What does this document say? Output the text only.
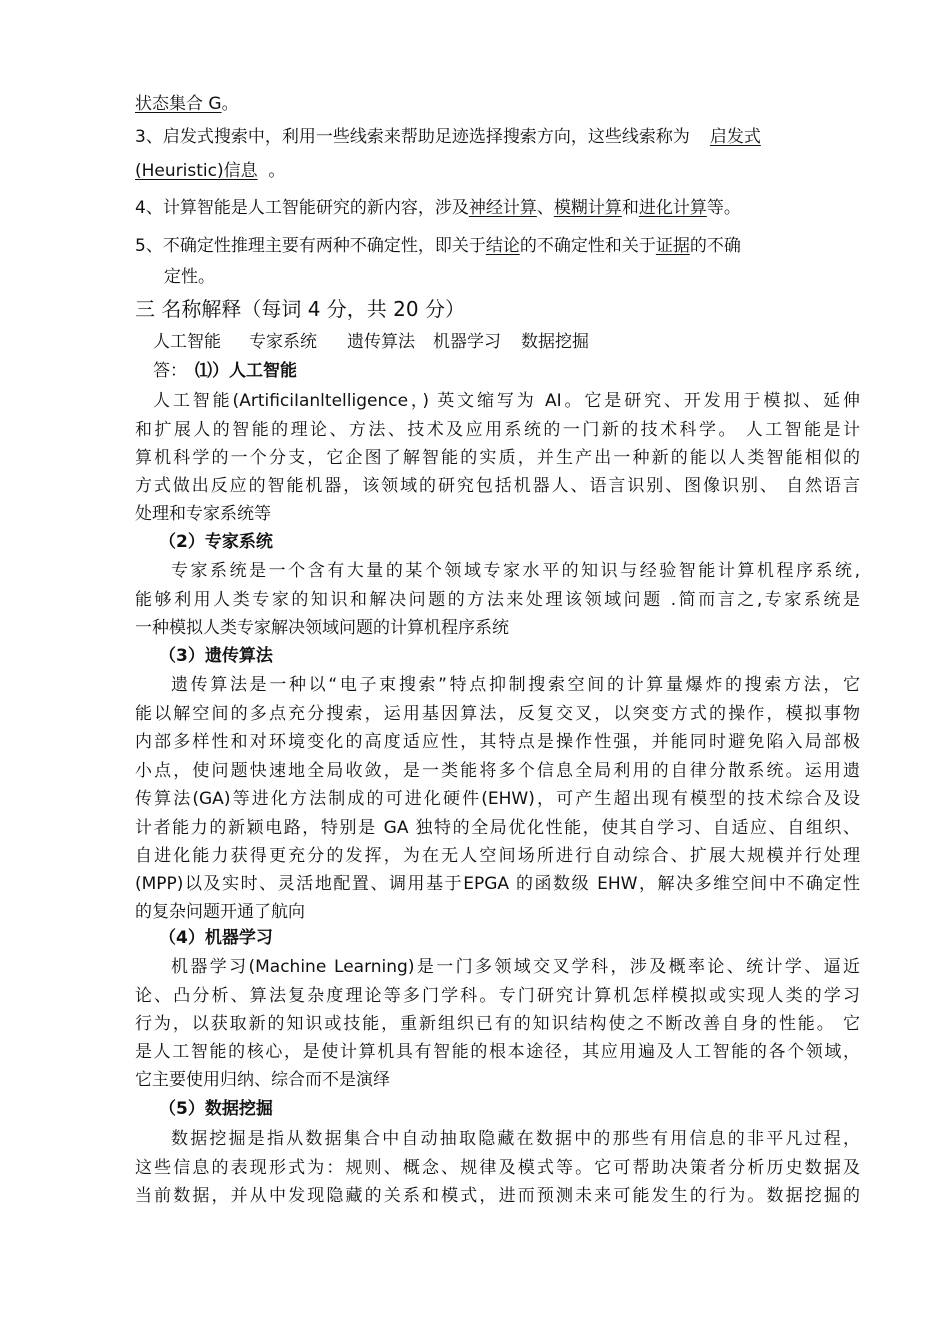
状态集合 G。
3、启发式搜索中，利用一些线索来帮助足迹选择搜索方向，这些线索称为 启发式
(Heuristic)信息 。
4、计算智能是人工智能研究的新内容，涉及神经计算、模糊计算和进化计算等。
5、不确定性推理主要有两种不确定性，即关于结论的不确定性和关于证据的不确
定性。
三 名称解释（每词 4 分，共 20 分）
人工智能 专家系统 遗传算法 机器学习 数据挖掘
答： ⑴）人工智能
人工智能(ArtificiIanltelligence，) 英文缩写为 AI。它是研究、开发用于模拟、延伸
和扩展人的智能的理论、方法、技术及应用系统的一门新的技术科学。 人工智能是计
算机科学的一个分支，它企图了解智能的实质，并生产出一种新的能以人类智能相似的
方式做出反应的智能机器，该领域的研究包括机器人、语言识别、图像识别、 自然语言
处理和专家系统等
（2）专家系统
专家系统是一个含有大量的某个领域专家水平的知识与经验智能计算机程序系统,
能够利用人类专家的知识和解决问题的方法来处理该领域问题 .简而言之,专家系统是
一种模拟人类专家解决领域问题的计算机程序系统
（3）遗传算法
遗传算法是一种以“电子束搜索”特点抑制搜索空间的计算量爆炸的搜索方法，它
能以解空间的多点充分搜索，运用基因算法，反复交叉，以突变方式的操作，模拟事物
内部多样性和对环境变化的高度适应性，其特点是操作性强，并能同时避免陷入局部极
小点，使问题快速地全局收敛，是一类能将多个信息全局利用的自律分散系统。运用遗
传算法(GA)等进化方法制成的可进化硬件(EHW)，可产生超出现有模型的技术综合及设
计者能力的新颖电路，特别是 GA 独特的全局优化性能，使其自学习、自适应、自组织、
自进化能力获得更充分的发挥，为在无人空间场所进行自动综合、扩展大规模并行处理
(MPP)以及实时、灵活地配置、调用基于EPGA 的函数级 EHW，解决多维空间中不确定性
的复杂问题开通了航向
（4）机器学习
机器学习(Machine Learning)是一门多领域交叉学科，涉及概率论、统计学、逼近
论、凸分析、算法复杂度理论等多门学科。专门研究计算机怎样模拟或实现人类的学习
行为，以获取新的知识或技能，重新组织已有的知识结构使之不断改善自身的性能。 它
是人工智能的核心，是使计算机具有智能的根本途径，其应用遍及人工智能的各个领域，
它主要使用归纳、综合而不是演绎
（5）数据挖掘
数据挖掘是指从数据集合中自动抽取隐藏在数据中的那些有用信息的非平凡过程，
这些信息的表现形式为：规则、概念、规律及模式等。它可帮助决策者分析历史数据及
当前数据，并从中发现隐藏的关系和模式，进而预测未来可能发生的行为。数据挖掘的
